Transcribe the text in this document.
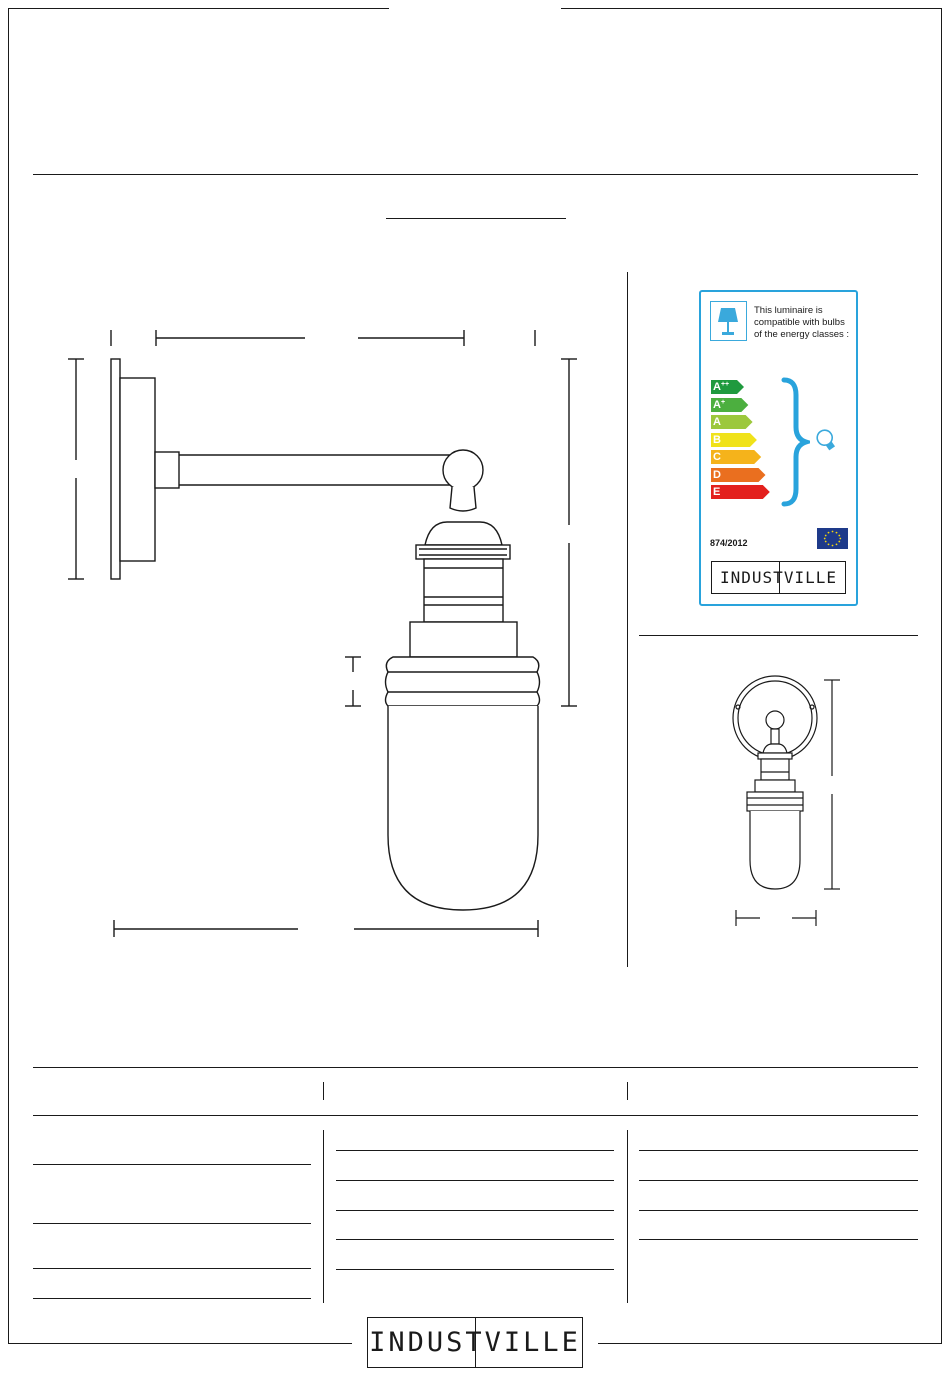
This luminaire is
compatible with bulbs
of the energy classes :
A++
A+
A
B
C
D
E
874/2012
INDUSTVILLE
INDUSTVILLE
